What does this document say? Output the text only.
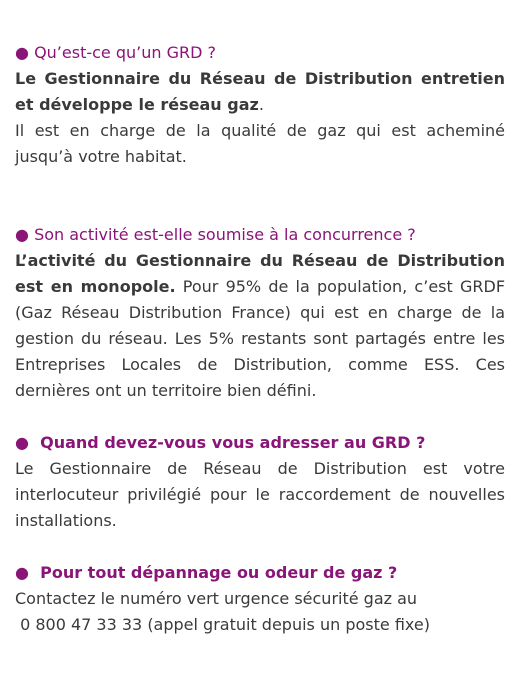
● Qu’est-ce qu’un GRD ?

Le Gestionnaire du Réseau de Distribution entretien et développe le réseau gaz.

Il est en charge de la qualité de gaz qui est acheminé jusqu’à votre habitat.

● Son activité est-elle soumise à la concurrence ?

L’activité du Gestionnaire du Réseau de Distribution est en monopole. Pour 95% de la population, c’est GRDF (Gaz Réseau Distribution France) qui est en charge de la gestion du réseau. Les 5% restants sont partagés entre les Entreprises Locales de Distribution, comme ESS. Ces dernières ont un territoire bien défini.

● Quand devez-vous vous adresser au GRD ?

Le Gestionnaire de Réseau de Distribution est votre interlocuteur privilégié pour le raccordement de nouvelles installations.

● Pour tout dépannage ou odeur de gaz ?

Contactez le numéro vert urgence sécurité gaz au

0 800 47 33 33 (appel gratuit depuis un poste fixe)
